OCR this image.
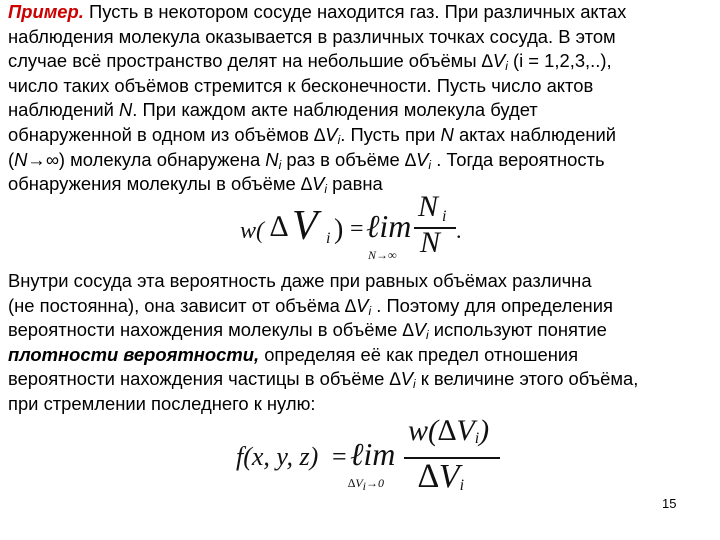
Пример. Пусть в некотором сосуде находится газ. При различных актах
наблюдения молекула оказывается в различных точках сосуда. В этом
случае всё пространство делят на небольшие объёмы $\Delta V_i$ (i = 1,2,3,..),
число таких объёмов стремится к бесконечности. Пусть число актов
наблюдений N. При каждом акте наблюдения молекула будет
обнаруженной в одном из объёмов $\Delta V_i$. Пусть при N актах наблюдений
(N→∞) молекула обнаружена $N_i$ раз в объёме $\Delta V_i$ . Тогда вероятность
обнаружения молекулы в объёме $\Delta V_i$ равна
w( ∆ V i ) = ℓim
N→∞
N i
N .
Внутри сосуда эта вероятность даже при равных объёмах различна
(не постоянна), она зависит от объёма $\Delta V_i$ . Поэтому для определения
вероятности нахождения молекулы в объёме $\Delta V_i$ используют понятие
плотности вероятности, определяя её как предел отношения
вероятности нахождения частицы в объёме $\Delta V_i$ к величине этого объёма,
при стремлении последнего к нулю:
f(x, y, z) = ℓim
$\Delta V_i\to 0$
$w(\Delta V_i)$
$\Delta V_i$
15
